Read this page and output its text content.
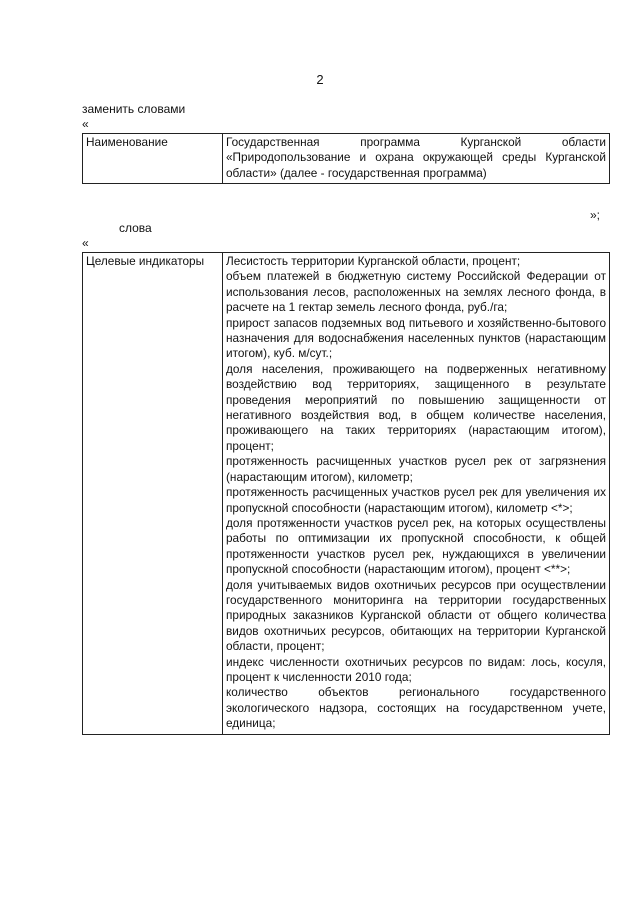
2
заменить словами
«
Наименование	Государственная программа Курганской области «Природопользование и охрана окружающей среды Курганской области» (далее - государственная программа)
»;
слова
«
Целевые индикаторы	Лесистость территории Курганской области, процент;
объем платежей в бюджетную систему Российской Федерации от использования лесов, расположенных на землях лесного фонда, в расчете на 1 гектар земель лесного фонда, руб./га;
прирост запасов подземных вод питьевого и хозяйственно-бытового назначения для водоснабжения населенных пунктов (нарастающим итогом), куб. м/сут.;
доля населения, проживающего на подверженных негативному воздействию вод территориях, защищенного в результате проведения мероприятий по повышению защищенности от негативного воздействия вод, в общем количестве населения, проживающего на таких территориях (нарастающим итогом), процент;
протяженность расчищенных участков русел рек от загрязнения (нарастающим итогом), километр;
протяженность расчищенных участков русел рек для увеличения их пропускной способности (нарастающим итогом), километр <*>;
доля протяженности участков русел рек, на которых осуществлены работы по оптимизации их пропускной способности, к общей протяженности участков русел рек, нуждающихся в увеличении пропускной способности (нарастающим итогом), процент <**>;
доля учитываемых видов охотничьих ресурсов при осуществлении государственного мониторинга на территории государственных природных заказников Курганской области от общего количества видов охотничьих ресурсов, обитающих на территории Курганской области, процент;
индекс численности охотничьих ресурсов по видам: лось, косуля, процент к численности 2010 года;
количество объектов регионального государственного экологического надзора, состоящих на государственном учете, единица;
